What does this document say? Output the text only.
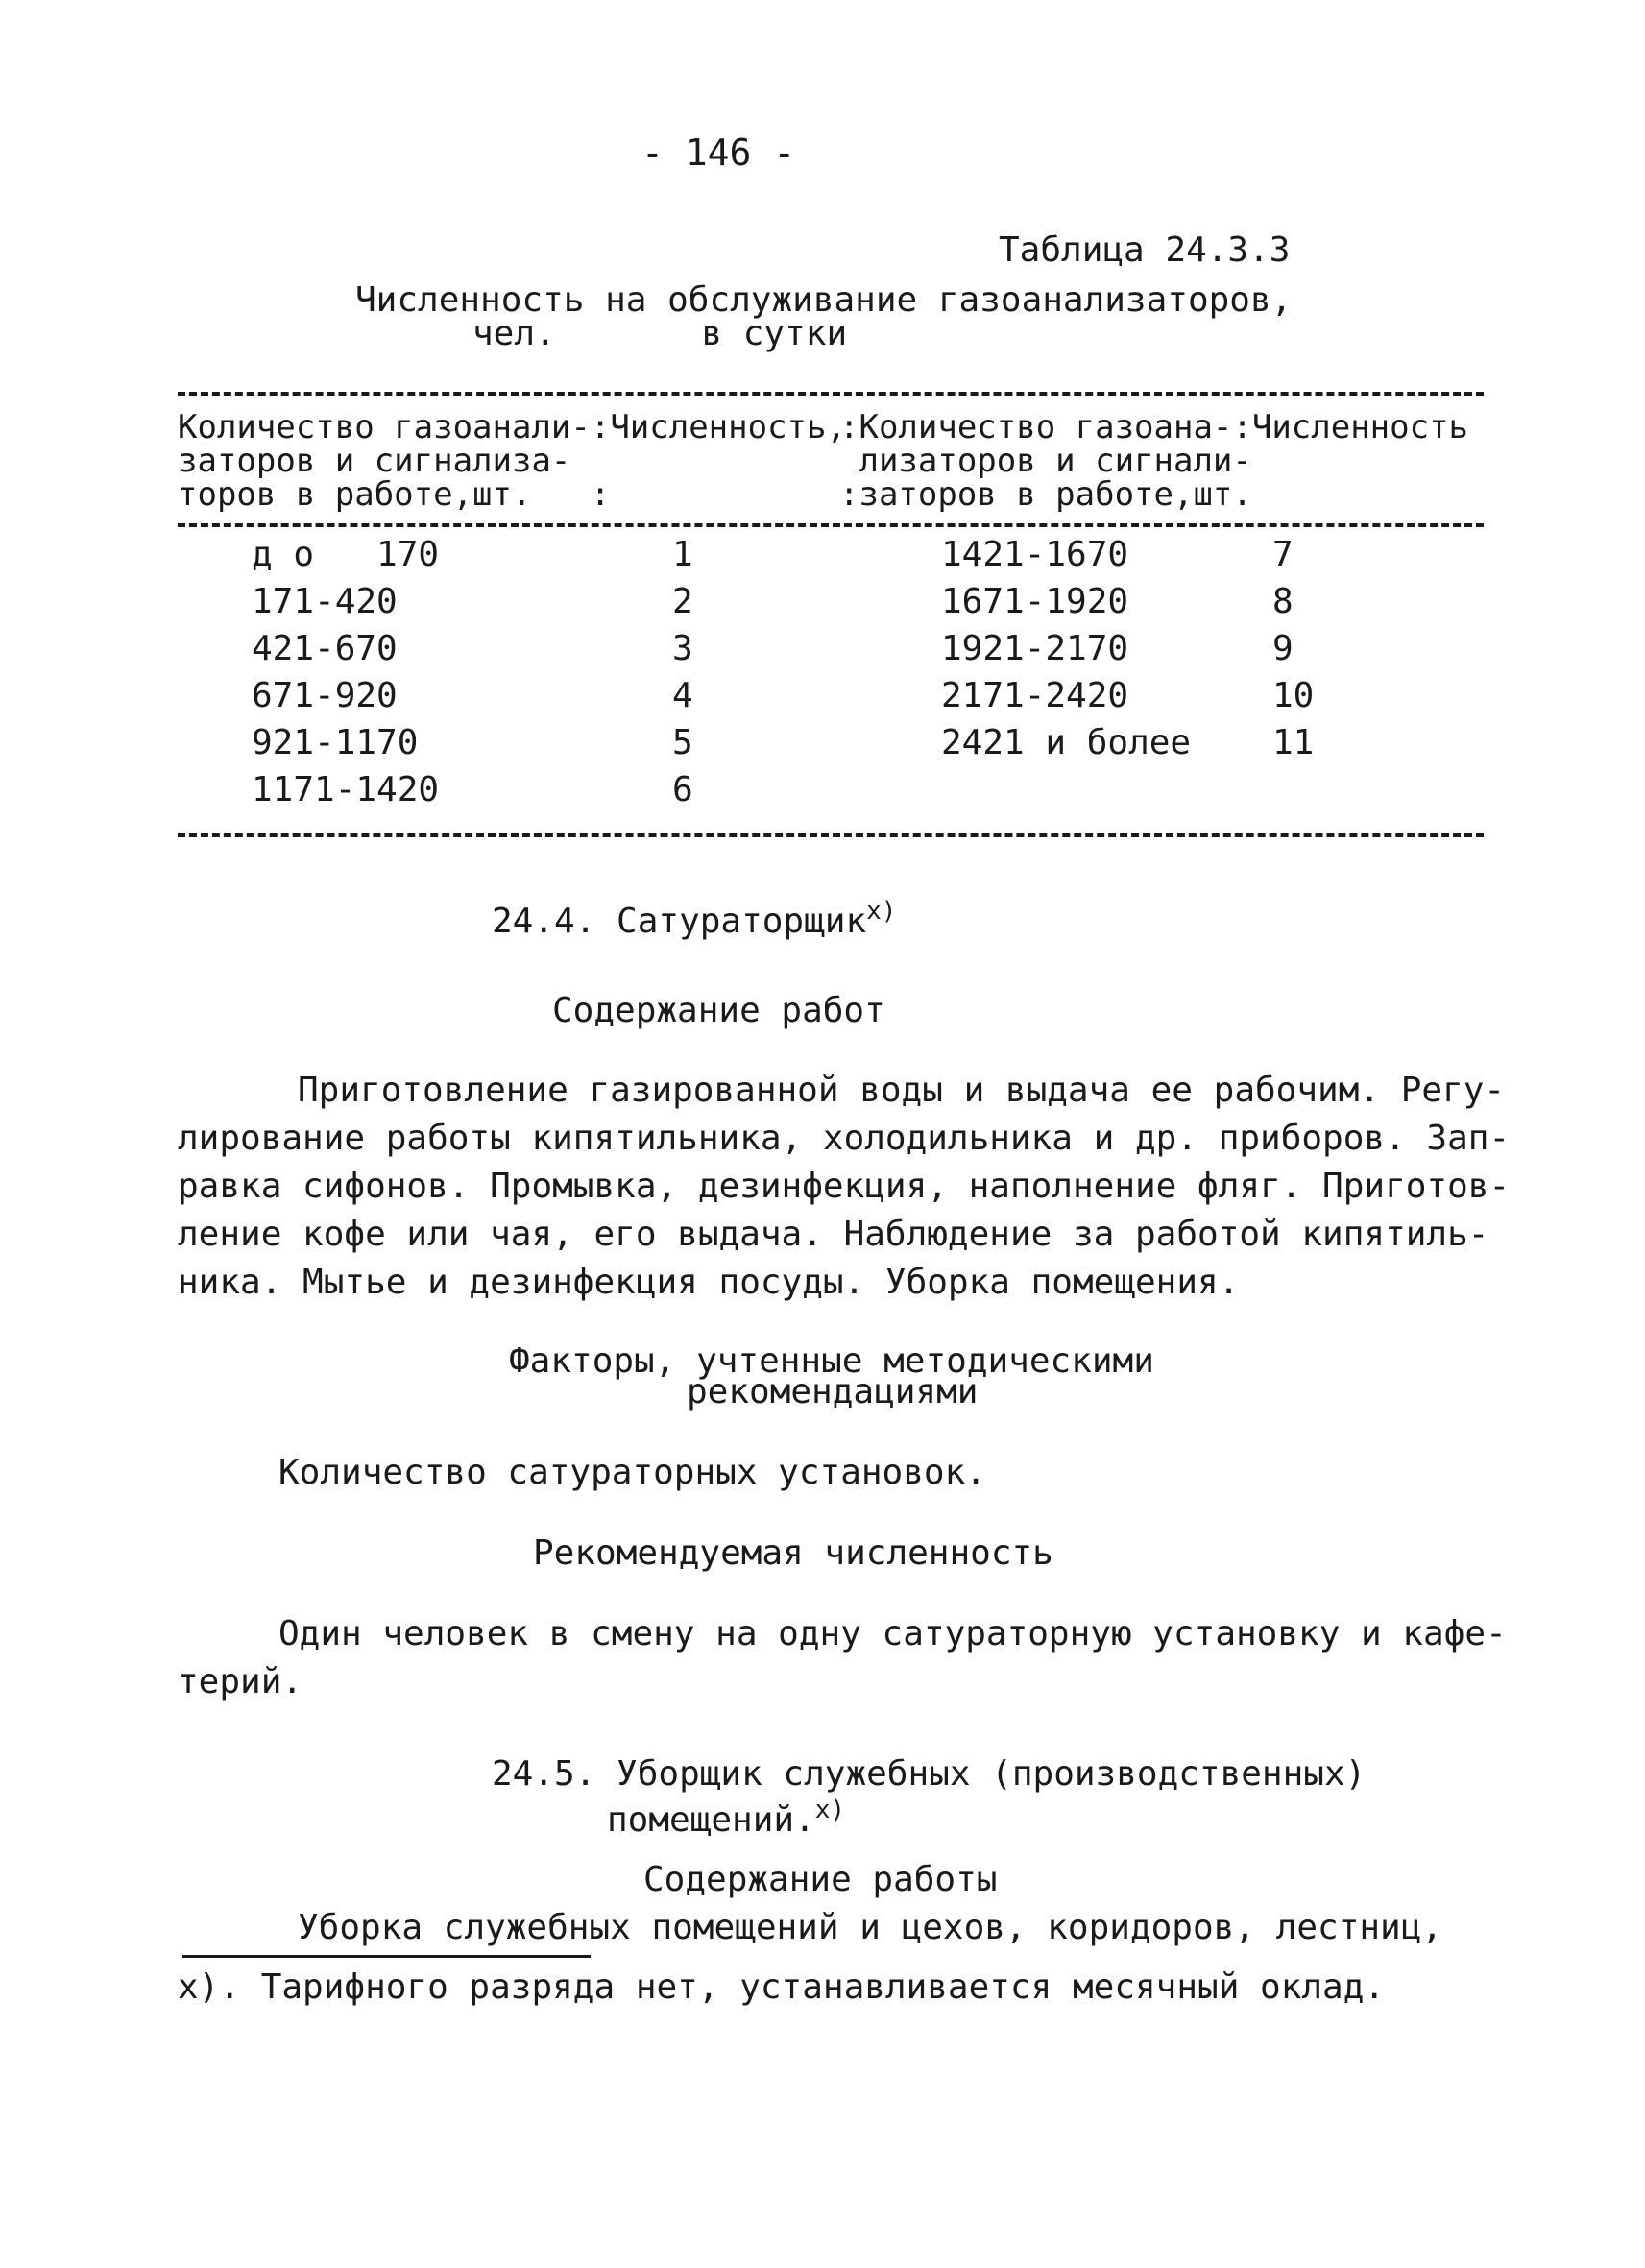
- 146 -
Таблица 24.3.3
Численность на обслуживание газоанализаторов,
чел.       в сутки
Количество газоанали-:Численность,
заторов и сигнализа-
торов в работе,шт.   :
:Количество газоана-:Численность
лизаторов и сигнали-
:заторов в работе,шт.
д о   170	1	1421-1670	7
171-420	2	1671-1920	8
421-670	3	1921-2170	9
671-920	4	2171-2420	10
921-1170	5	2421 и более 11
1171-1420	6
24.4. Сатураторщик$^{х)}$
Содержание работ
Приготовление газированной воды и выдача ее рабочим. Регу-
лирование работы кипятильника, холодильника и др. приборов. Зап-
равка сифонов. Промывка, дезинфекция, наполнение фляг. Приготов-
ление кофе или чая, его выдача. Наблюдение за работой кипятиль-
ника. Мытье и дезинфекция посуды. Уборка помещения.
Факторы, учтенные методическими
рекомендациями
Количество сатураторных установок.
Рекомендуемая численность
Один человек в смену на одну сатураторную установку и кафе-
терий.
24.5. Уборщик служебных (производственных)
помещений.$^{х)}$
Содержание работы
Уборка служебных помещений и цехов, коридоров, лестниц,
х). Тарифного разряда нет, устанавливается месячный оклад.
